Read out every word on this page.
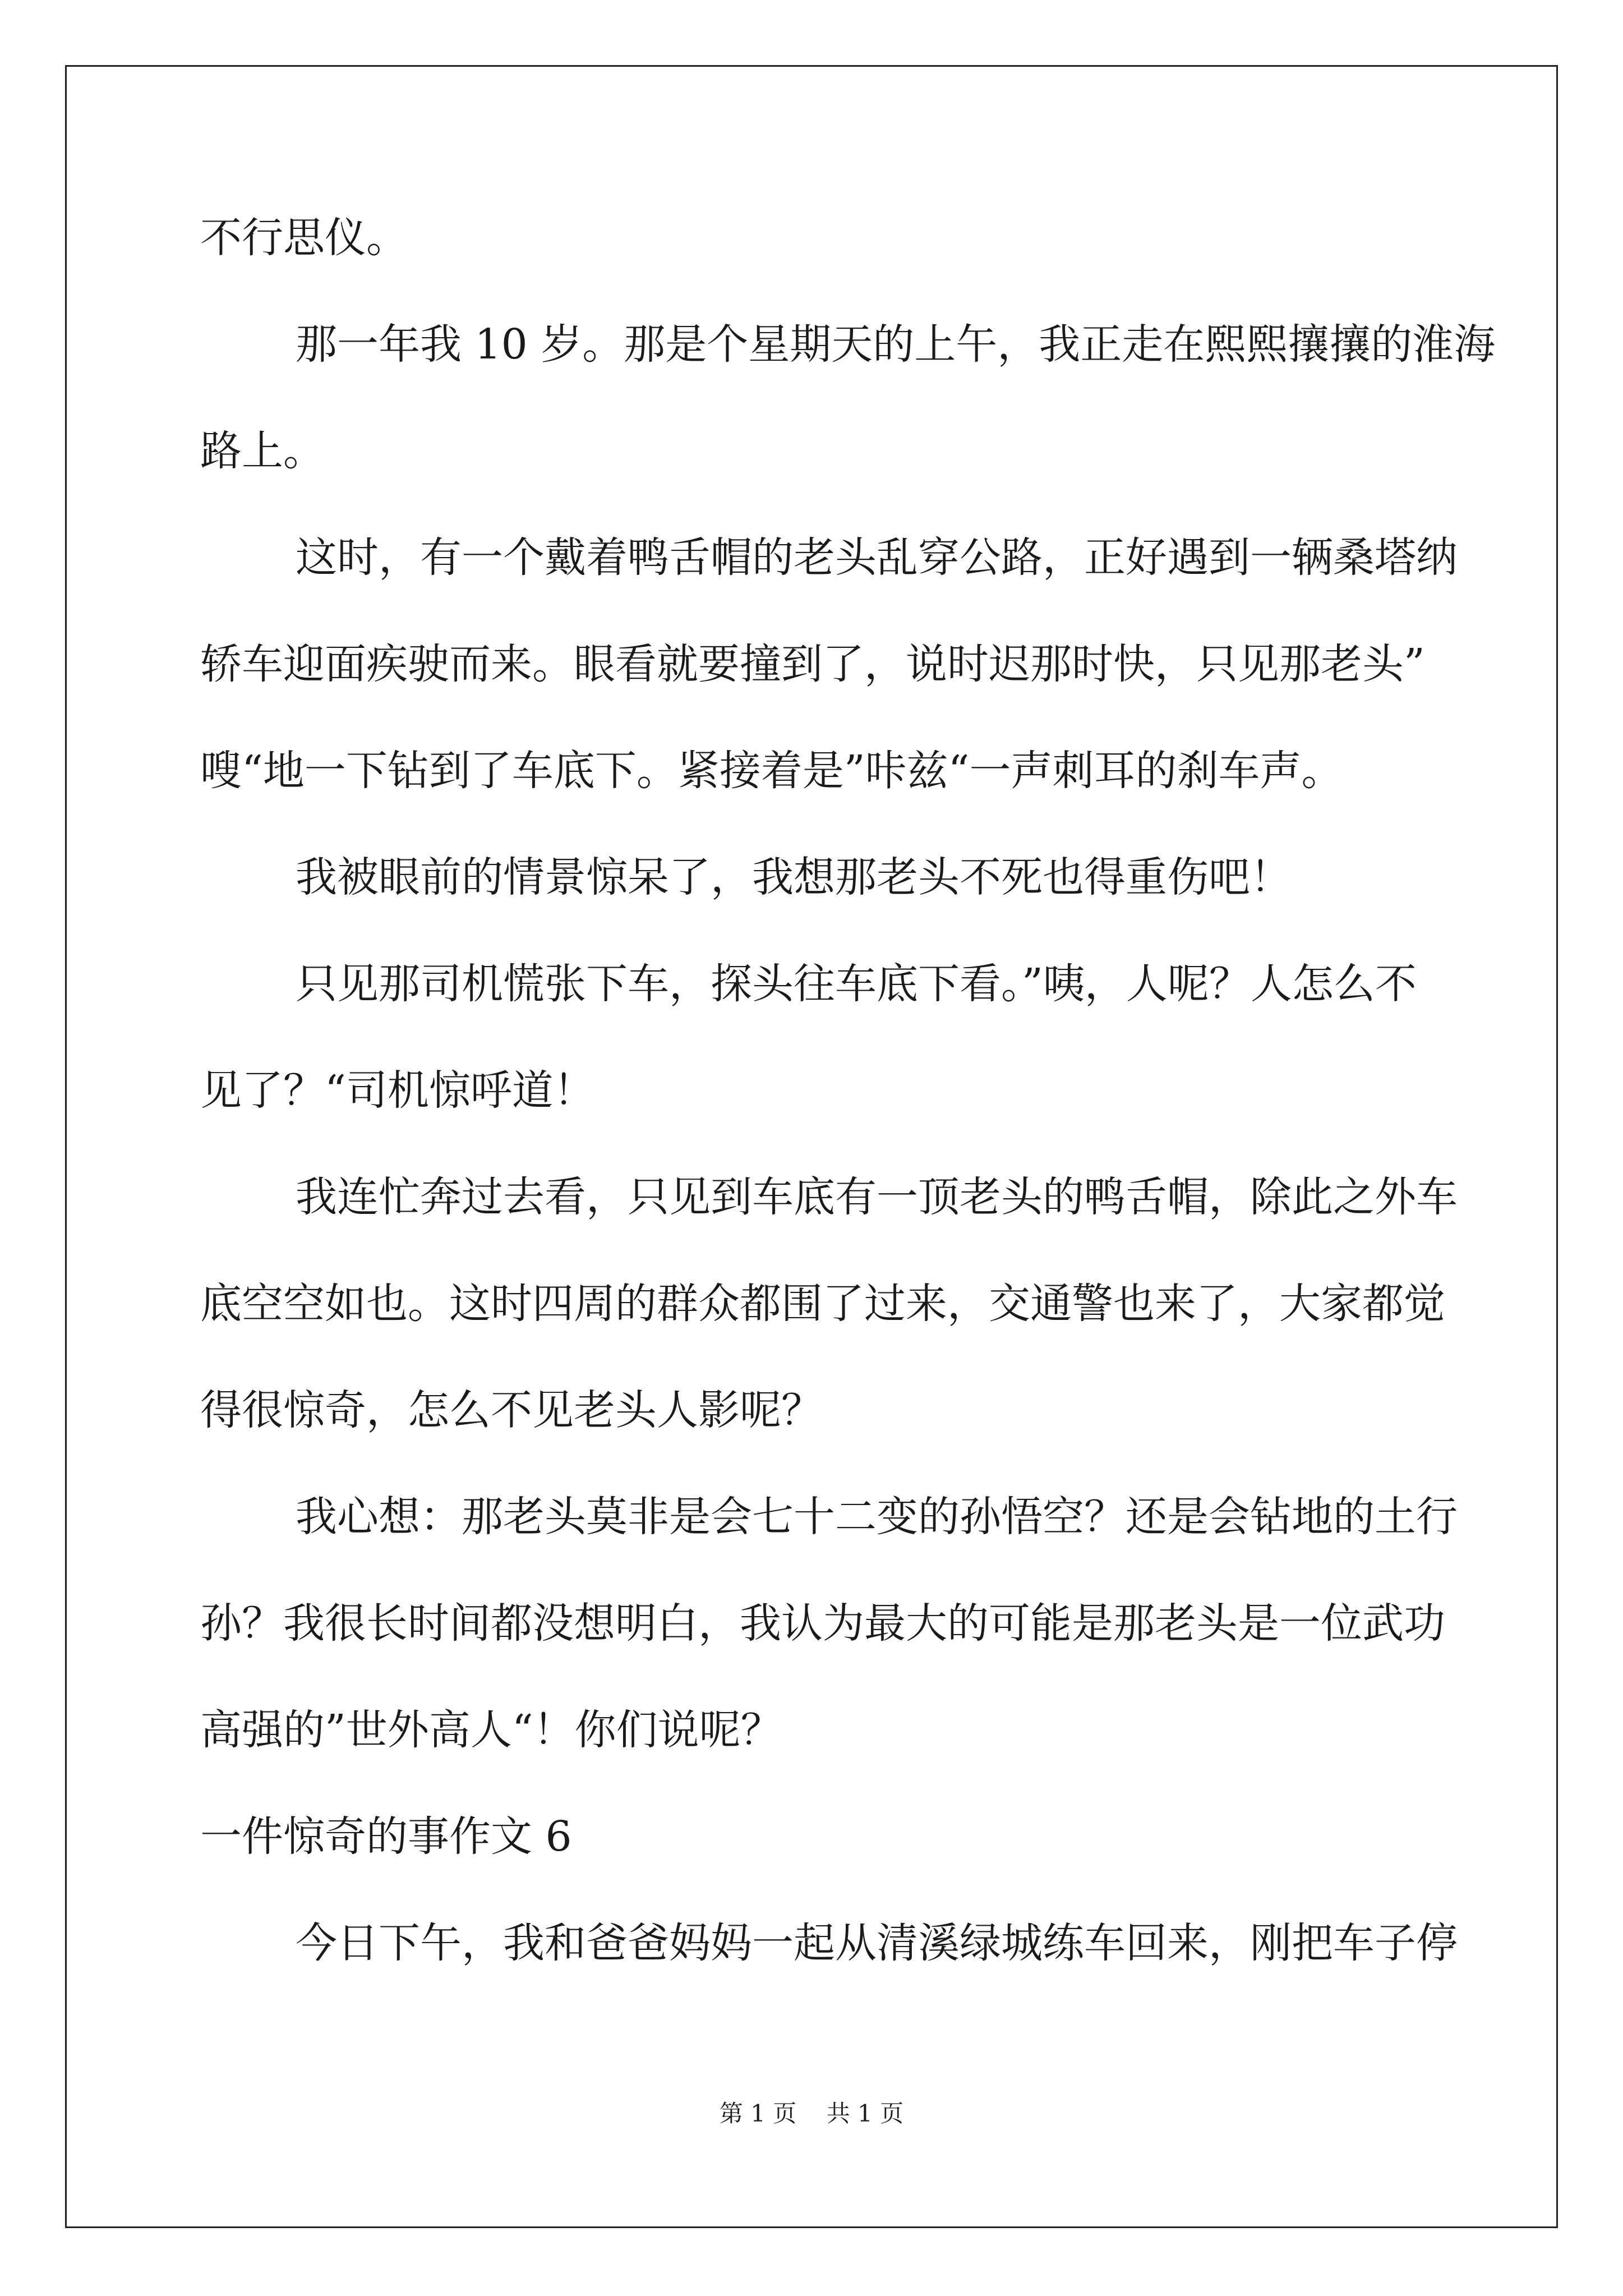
不行思仪。
那一年我 10 岁。那是个星期天的上午，我正走在熙熙攘攘的淮海
路上。
这时，有一个戴着鸭舌帽的老头乱穿公路，正好遇到一辆桑塔纳
轿车迎面疾驶而来。眼看就要撞到了，说时迟那时快，只见那老头”
嗖“地一下钻到了车底下。紧接着是”咔兹“一声刺耳的刹车声。
我被眼前的情景惊呆了，我想那老头不死也得重伤吧！
只见那司机慌张下车，探头往车底下看。”咦，人呢？人怎么不
见了？“司机惊呼道！
我连忙奔过去看，只见到车底有一顶老头的鸭舌帽，除此之外车
底空空如也。这时四周的群众都围了过来，交通警也来了，大家都觉
得很惊奇，怎么不见老头人影呢？
我心想：那老头莫非是会七十二变的孙悟空？还是会钻地的土行
孙？我很长时间都没想明白，我认为最大的可能是那老头是一位武功
高强的”世外高人“！你们说呢？
一件惊奇的事作文 6
今日下午，我和爸爸妈妈一起从清溪绿城练车回来，刚把车子停
第 1 页    共 1 页
